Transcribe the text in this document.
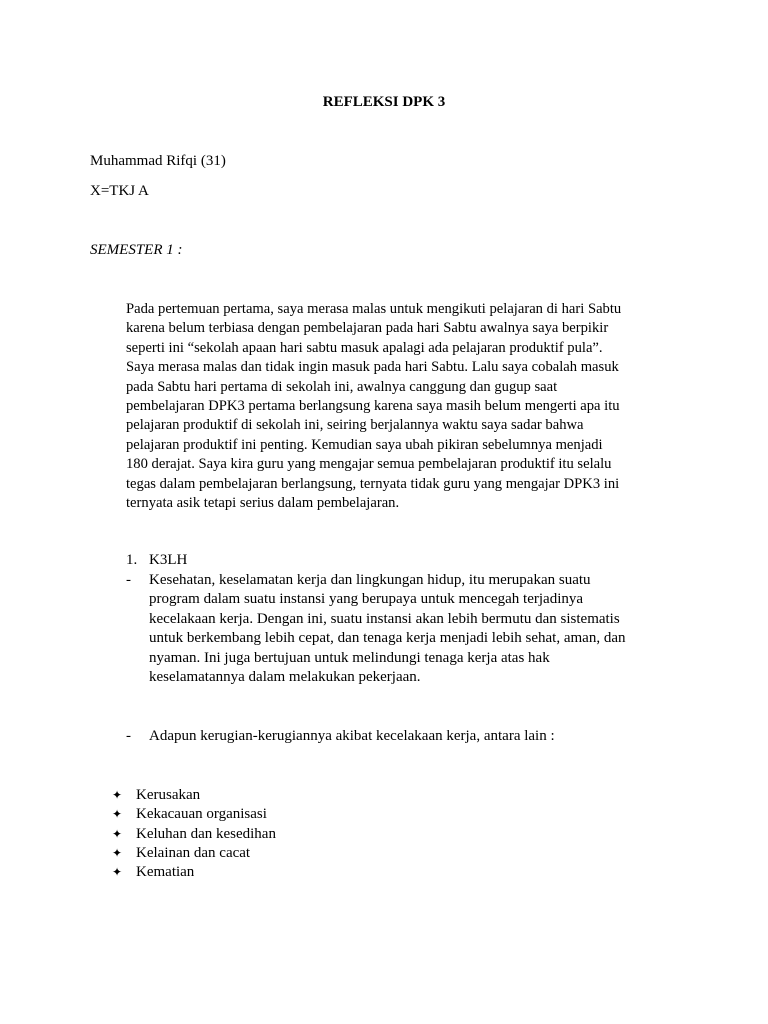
REFLEKSI DPK 3
Muhammad Rifqi (31)
X=TKJ A
SEMESTER 1 :
Pada pertemuan pertama, saya merasa malas untuk mengikuti pelajaran di hari Sabtu
karena belum terbiasa dengan pembelajaran pada hari Sabtu awalnya saya berpikir
seperti ini “sekolah apaan hari sabtu masuk apalagi ada pelajaran produktif pula”.
Saya merasa malas dan tidak ingin masuk pada hari Sabtu. Lalu saya cobalah masuk
pada Sabtu hari pertama di sekolah ini, awalnya canggung dan gugup saat
pembelajaran DPK3 pertama berlangsung karena saya masih belum mengerti apa itu
pelajaran produktif di sekolah ini, seiring berjalannya waktu saya sadar bahwa
pelajaran produktif ini penting. Kemudian saya ubah pikiran sebelumnya menjadi
180 derajat. Saya kira guru yang mengajar semua pembelajaran produktif itu selalu
tegas dalam pembelajaran berlangsung, ternyata tidak guru yang mengajar DPK3 ini
ternyata asik tetapi serius dalam pembelajaran.
1. K3LH
- Kesehatan, keselamatan kerja dan lingkungan hidup, itu merupakan suatu
program dalam suatu instansi yang berupaya untuk mencegah terjadinya
kecelakaan kerja. Dengan ini, suatu instansi akan lebih bermutu dan sistematis
untuk berkembang lebih cepat, dan tenaga kerja menjadi lebih sehat, aman, dan
nyaman. Ini juga bertujuan untuk melindungi tenaga kerja atas hak
keselamatannya dalam melakukan pekerjaan.
- Adapun kerugian-kerugiannya akibat kecelakaan kerja, antara lain :
✦ Kerusakan
✦ Kekacauan organisasi
✦ Keluhan dan kesedihan
✦ Kelainan dan cacat
✦ Kematian
